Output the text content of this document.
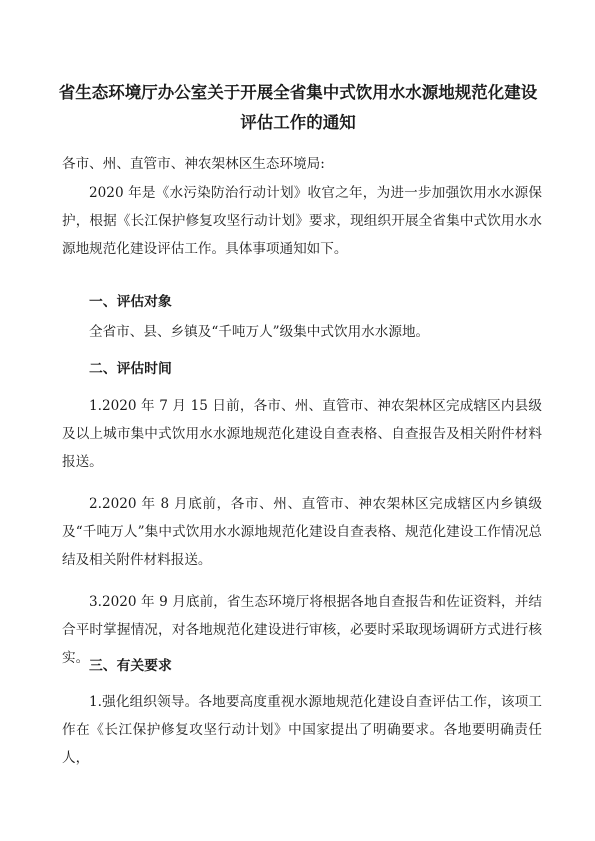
省生态环境厅办公室关于开展全省集中式饮用水水源地规范化建设评估工作的通知

各市、州、直管市、神农架林区生态环境局:

2020 年是《水污染防治行动计划》收官之年，为进一步加强饮用水水源保护，根据《长江保护修复攻坚行动计划》要求，现组织开展全省集中式饮用水水源地规范化建设评估工作。具体事项通知如下。

一、评估对象

全省市、县、乡镇及“千吨万人”级集中式饮用水水源地。

二、评估时间

1.2020 年 7 月 15 日前，各市、州、直管市、神农架林区完成辖区内县级及以上城市集中式饮用水水源地规范化建设自查表格、自查报告及相关附件材料报送。

2.2020 年 8 月底前，各市、州、直管市、神农架林区完成辖区内乡镇级及“千吨万人”集中式饮用水水源地规范化建设自查表格、规范化建设工作情况总结及相关附件材料报送。

3.2020 年 9 月底前，省生态环境厅将根据各地自查报告和佐证资料，并结合平时掌握情况，对各地规范化建设进行审核，必要时采取现场调研方式进行核实。 三、有关要求

1.强化组织领导。各地要高度重视水源地规范化建设自查评估工作，该项工作在《长江保护修复攻坚行动计划》中国家提出了明确要求。各地要明确责任人，
